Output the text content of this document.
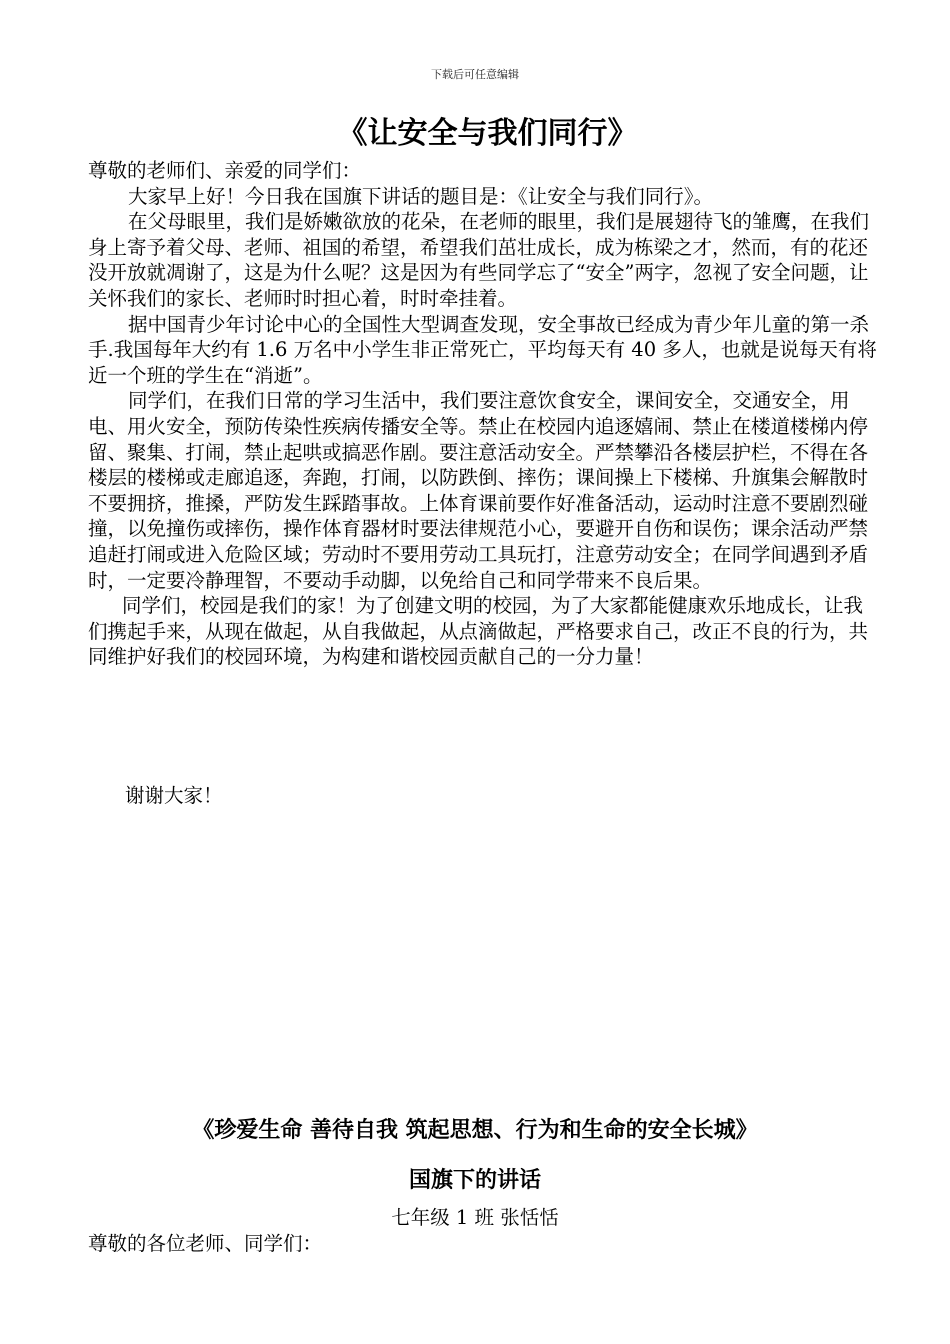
下载后可任意编辑
《让安全与我们同行》

尊敬的老师们、亲爱的同学们：

大家早上好！今日我在国旗下讲话的题目是：《让安全与我们同行》。

在父母眼里，我们是娇嫩欲放的花朵，在老师的眼里，我们是展翅待飞的雏鹰，在我们身上寄予着父母、老师、祖国的希望，希望我们茁壮成长，成为栋梁之才，然而，有的花还没开放就凋谢了，这是为什么呢？这是因为有些同学忘了“安全”两字，忽视了安全问题，让关怀我们的家长、老师时时担心着，时时牵挂着。

据中国青少年讨论中心的全国性大型调查发现，安全事故已经成为青少年儿童的第一杀手.我国每年大约有 1.6 万名中小学生非正常死亡，平均每天有 40 多人，也就是说每天有将近一个班的学生在“消逝”。

同学们，在我们日常的学习生活中，我们要注意饮食安全，课间安全，交通安全，用电、用火安全，预防传染性疾病传播安全等。禁止在校园内追逐嬉闹、禁止在楼道楼梯内停留、聚集、打闹，禁止起哄或搞恶作剧。要注意活动安全。严禁攀沿各楼层护栏，不得在各楼层的楼梯或走廊追逐，奔跑，打闹，以防跌倒、摔伤；课间操上下楼梯、升旗集会解散时不要拥挤，推搡，严防发生踩踏事故。上体育课前要作好准备活动，运动时注意不要剧烈碰撞，以免撞伤或摔伤，操作体育器材时要法律规范小心，要避开自伤和误伤；课余活动严禁追赶打闹或进入危险区域；劳动时不要用劳动工具玩打，注意劳动安全；在同学间遇到矛盾时，一定要冷静理智，不要动手动脚，以免给自己和同学带来不良后果。

同学们，校园是我们的家！为了创建文明的校园，为了大家都能健康欢乐地成长，让我们携起手来，从现在做起，从自我做起，从点滴做起，严格要求自己，改正不良的行为，共同维护好我们的校园环境，为构建和谐校园贡献自己的一分力量！

谢谢大家！
《珍爱生命 善待自我 筑起思想、行为和生命的安全长城》
国旗下的讲话
七年级 1 班 张恬恬
尊敬的各位老师、同学们：
